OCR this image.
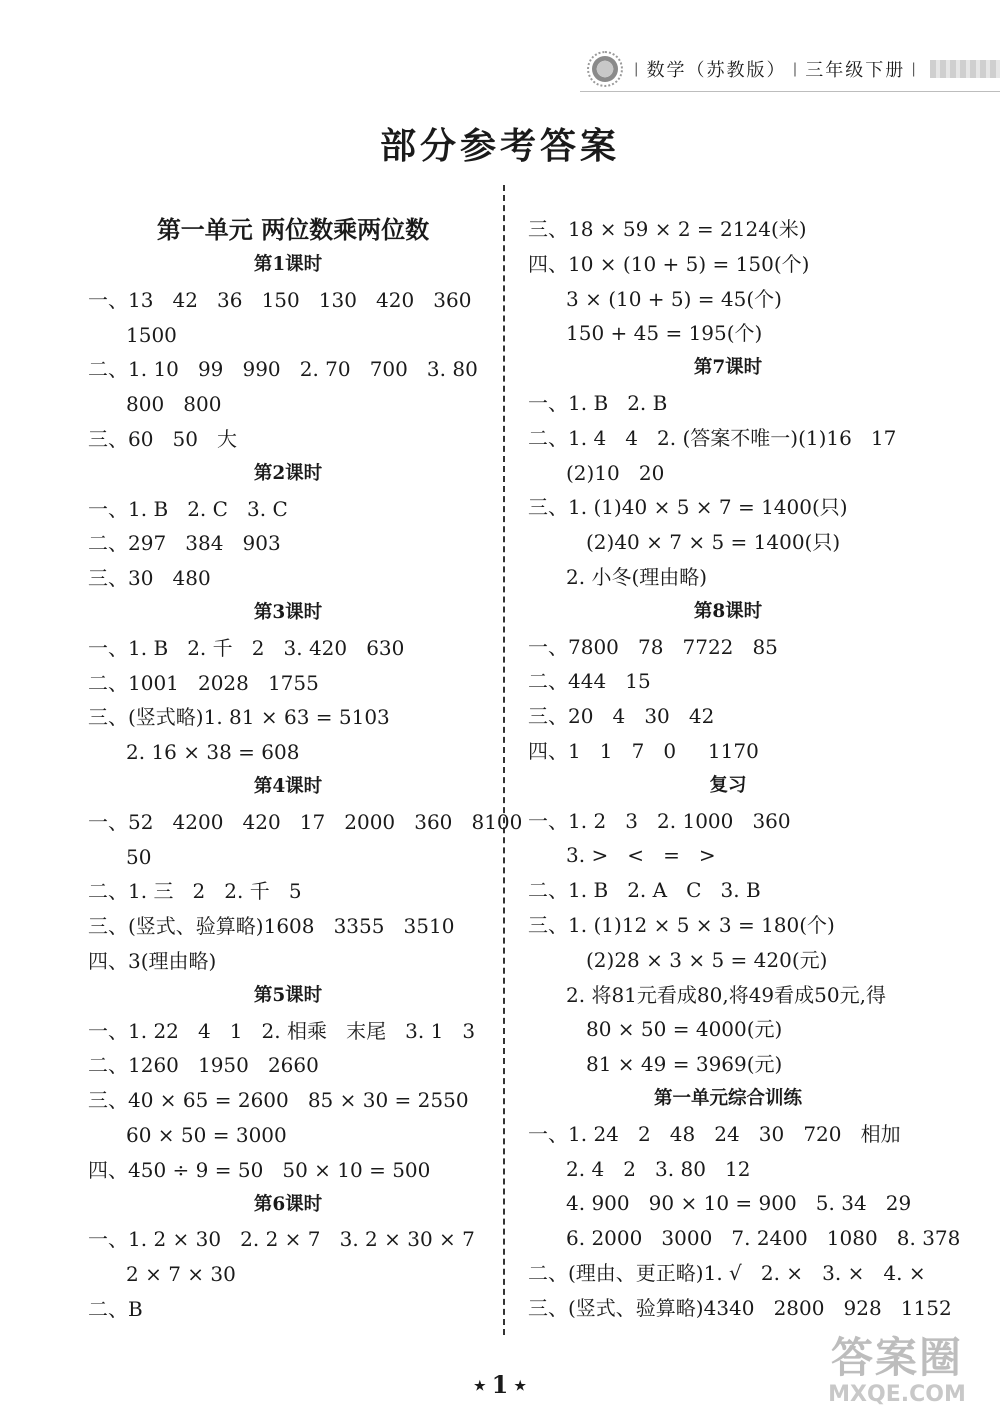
| 数学（苏教版） | 三年级下册 |
部分参考答案
第一单元 两位数乘两位数
第1课时
一、13   42   36   150   130   420   360
1500
二、1. 10   99   990   2. 70   700   3. 80
800   800
三、60   50   大
第2课时
一、1. B   2. C   3. C
二、297   384   903
三、30   480
第3课时
一、1. B   2. 千   2   3. 420   630
二、1001   2028   1755
三、(竖式略)1. 81 × 63 = 5103
2. 16 × 38 = 608
第4课时
一、52   4200   420   17   2000   360   8100
50
二、1. 三   2   2. 千   5
三、(竖式、验算略)1608   3355   3510
四、3(理由略)
第5课时
一、1. 22   4   1   2. 相乘   末尾   3. 1   3
二、1260   1950   2660
三、40 × 65 = 2600   85 × 30 = 2550
60 × 50 = 3000
四、450 ÷ 9 = 50   50 × 10 = 500
第6课时
一、1. 2 × 30   2. 2 × 7   3. 2 × 30 × 7
2 × 7 × 30
二、B
三、18 × 59 × 2 = 2124(米)
四、10 × (10 + 5) = 150(个)
3 × (10 + 5) = 45(个)
150 + 45 = 195(个)
第7课时
一、1. B   2. B
二、1. 4   4   2. (答案不唯一)(1)16   17
(2)10   20
三、1. (1)40 × 5 × 7 = 1400(只)
(2)40 × 7 × 5 = 1400(只)
2. 小冬(理由略)
第8课时
一、7800   78   7722   85
二、444   15
三、20   4   30   42
四、1   1   7   0     1170
复习
一、1. 2   3   2. 1000   360
3. >   <   =   >
二、1. B   2. A   C   3. B
三、1. (1)12 × 5 × 3 = 180(个)
(2)28 × 3 × 5 = 420(元)
2. 将81元看成80,将49看成50元,得
80 × 50 = 4000(元)
81 × 49 = 3969(元)
第一单元综合训练
一、1. 24   2   48   24   30   720   相加
2. 4   2   3. 80   12
4. 900   90 × 10 = 900   5. 34   29
6. 2000   3000   7. 2400   1080   8. 378
二、(理由、更正略)1. √   2. ×   3. ×   4. ×
三、(竖式、验算略)4340   2800   928   1152
★ 1 ★
答案圈
MXQE.COM
